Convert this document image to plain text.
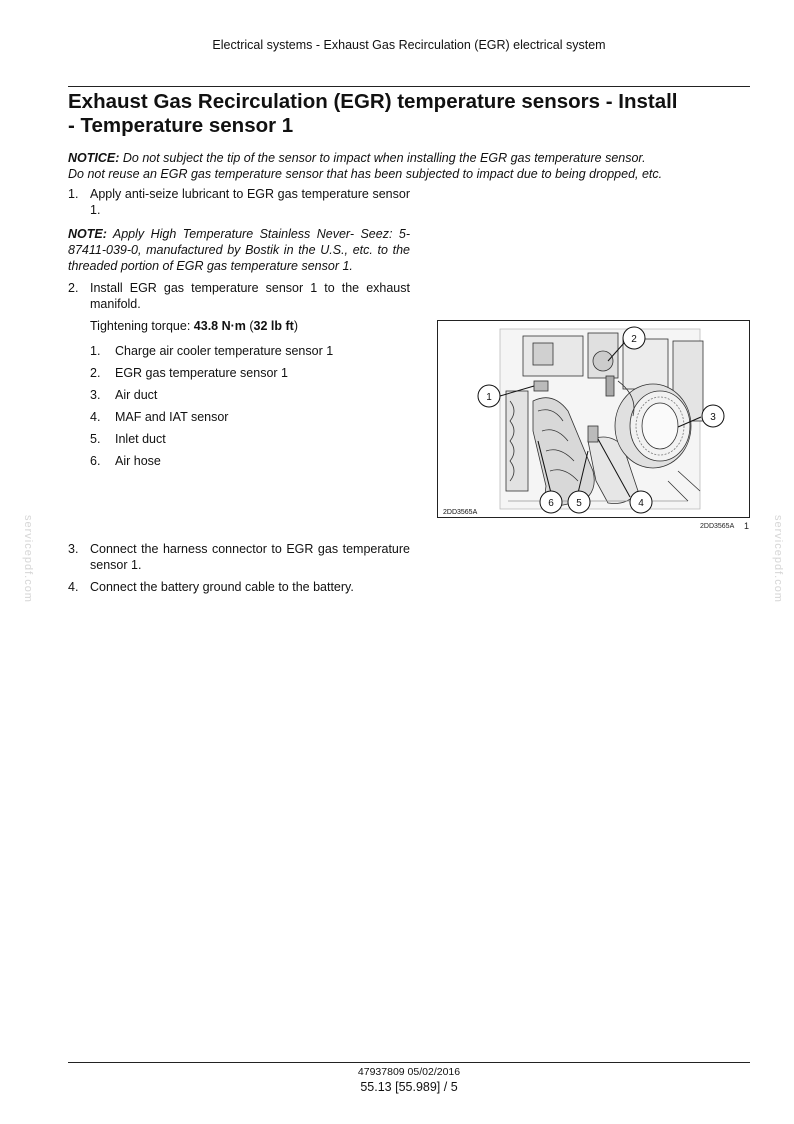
Electrical systems - Exhaust Gas Recirculation (EGR) electrical system
Exhaust Gas Recirculation (EGR) temperature sensors - Install
- Temperature sensor 1
NOTICE: Do not subject the tip of the sensor to impact when installing the EGR gas temperature sensor.
Do not reuse an EGR gas temperature sensor that has been subjected to impact due to being dropped, etc.
1. Apply anti-seize lubricant to EGR gas temperature sensor 1.
NOTE: Apply High Temperature Stainless Never- Seez: 5-87411-039-0, manufactured by Bostik in the U.S., etc. to the threaded portion of EGR gas temperature sensor 1.
2. Install EGR gas temperature sensor 1 to the exhaust manifold.
Tightening torque: 43.8 N·m (32 lb ft)
1. Charge air cooler temperature sensor 1
2. EGR gas temperature sensor 1
3. Air duct
4. MAF and IAT sensor
5. Inlet duct
6. Air hose
1
2
3
4
5
6
2DD3565A
2DD3565A 1
3. Connect the harness connector to EGR gas temperature sensor 1.
4. Connect the battery ground cable to the battery.
servicepdf.com	servicepdf.com
47937809 05/02/2016
55.13 [55.989] / 5
